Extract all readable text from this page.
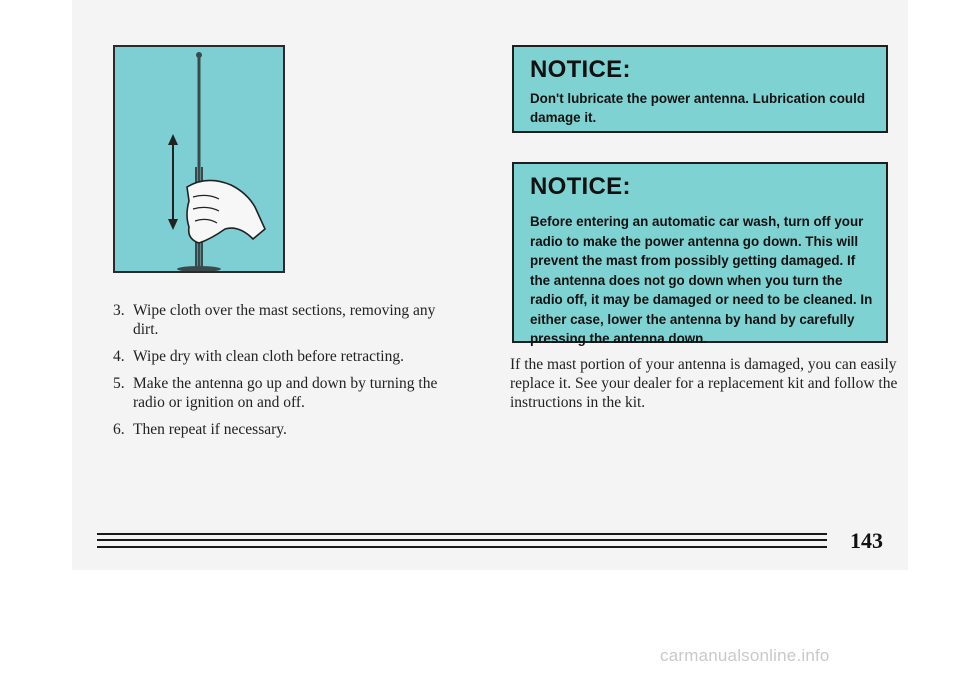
3. Wipe cloth over the mast sections, removing any dirt.
4. Wipe dry with clean cloth before retracting.
5. Make the antenna go up and down by turning the radio or ignition on and off.
6. Then repeat if necessary.
NOTICE:
Don't lubricate the power antenna. Lubrication could damage it.
NOTICE:
Before entering an automatic car wash, turn off your radio to make the power antenna go down. This will prevent the mast from possibly getting damaged. If the antenna does not go down when you turn the radio off, it may be damaged or need to be cleaned. In either case, lower the antenna by hand by carefully pressing the antenna down.
If the mast portion of your antenna is damaged, you can easily replace it. See your dealer for a replacement kit and follow the instructions in the kit.
143
carmanualsonline.info
